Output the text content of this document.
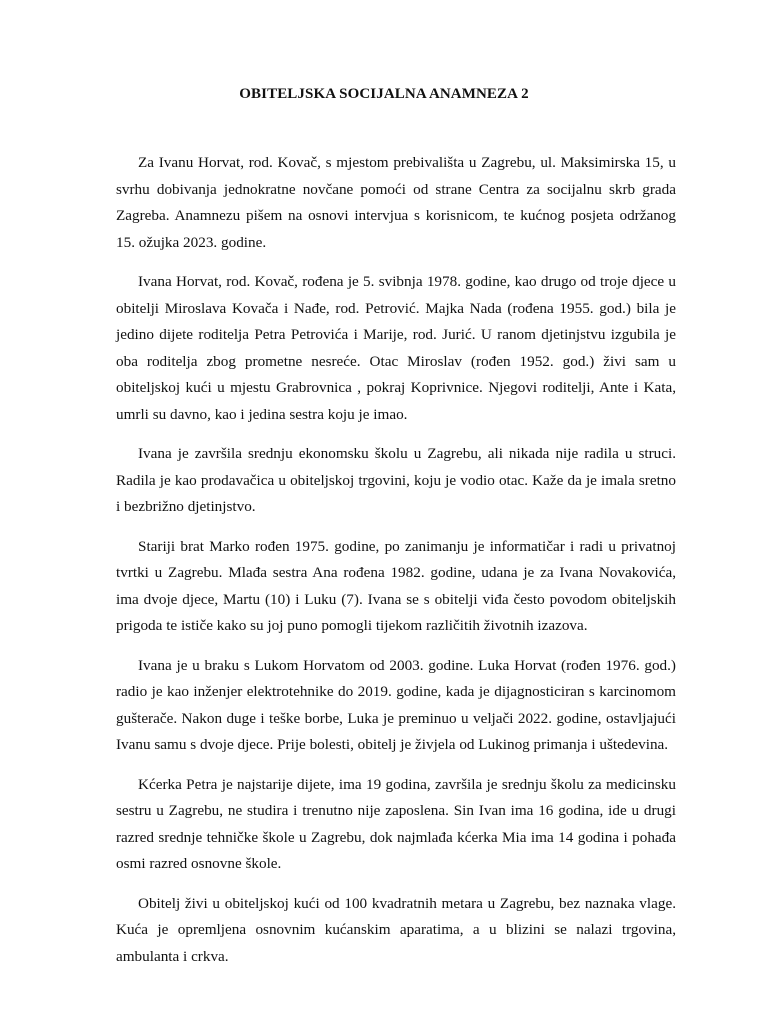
OBITELJSKA SOCIJALNA ANAMNEZA 2

Za Ivanu Horvat, rod. Kovač, s mjestom prebivališta u Zagrebu, ul. Maksimirska 15, u svrhu dobivanja jednokratne novčane pomoći od strane Centra za socijalnu skrb grada Zagreba. Anamnezu pišem na osnovi intervjua s korisnicom, te kućnog posjeta održanog 15. ožujka 2023. godine.

Ivana Horvat, rod. Kovač, rođena je 5. svibnja 1978. godine, kao drugo od troje djece u obitelji Miroslava Kovača i Nađe, rod. Petrović. Majka Nada (rođena 1955. god.) bila je jedino dijete roditelja Petra Petrovića i Marije, rod. Jurić. U ranom djetinjstvu izgubila je oba roditelja zbog prometne nesreće. Otac Miroslav (rođen 1952. god.) živi sam u obiteljskoj kući u mjestu Grabrovnica , pokraj Koprivnice. Njegovi roditelji, Ante i Kata, umrli su davno, kao i jedina sestra koju je imao.

Ivana je završila srednju ekonomsku školu u Zagrebu, ali nikada nije radila u struci. Radila je kao prodavačica u obiteljskoj trgovini, koju je vodio otac. Kaže da je imala sretno i bezbrižno djetinjstvo.

Stariji brat Marko rođen 1975. godine, po zanimanju je informatičar i radi u privatnoj tvrtki u Zagrebu. Mlađa sestra Ana rođena 1982. godine, udana je za Ivana Novakovića, ima dvoje djece, Martu (10) i Luku (7). Ivana se s obitelji viđa često povodom obiteljskih prigoda te ističe kako su joj puno pomogli tijekom različitih životnih izazova.

Ivana je u braku s Lukom Horvatom od 2003. godine. Luka Horvat (rođen 1976. god.) radio je kao inženjer elektrotehnike do 2019. godine, kada je dijagnosticiran s karcinomom gušterače. Nakon duge i teške borbe, Luka je preminuo u veljači 2022. godine, ostavljajući Ivanu samu s dvoje djece. Prije bolesti, obitelj je živjela od Lukinog primanja i uštedevina.

Kćerka Petra je najstarije dijete, ima 19 godina, završila je srednju školu za medicinsku sestru u Zagrebu, ne studira i trenutno nije zaposlena. Sin Ivan ima 16 godina, ide u drugi razred srednje tehničke škole u Zagrebu, dok najmlađa kćerka Mia ima 14 godina i pohađa osmi razred osnovne škole.

Obitelj živi u obiteljskoj kući od 100 kvadratnih metara u Zagrebu, bez naznaka vlage. Kuća je opremljena osnovnim kućanskim aparatima, a u blizini se nalazi trgovina, ambulanta i crkva.
